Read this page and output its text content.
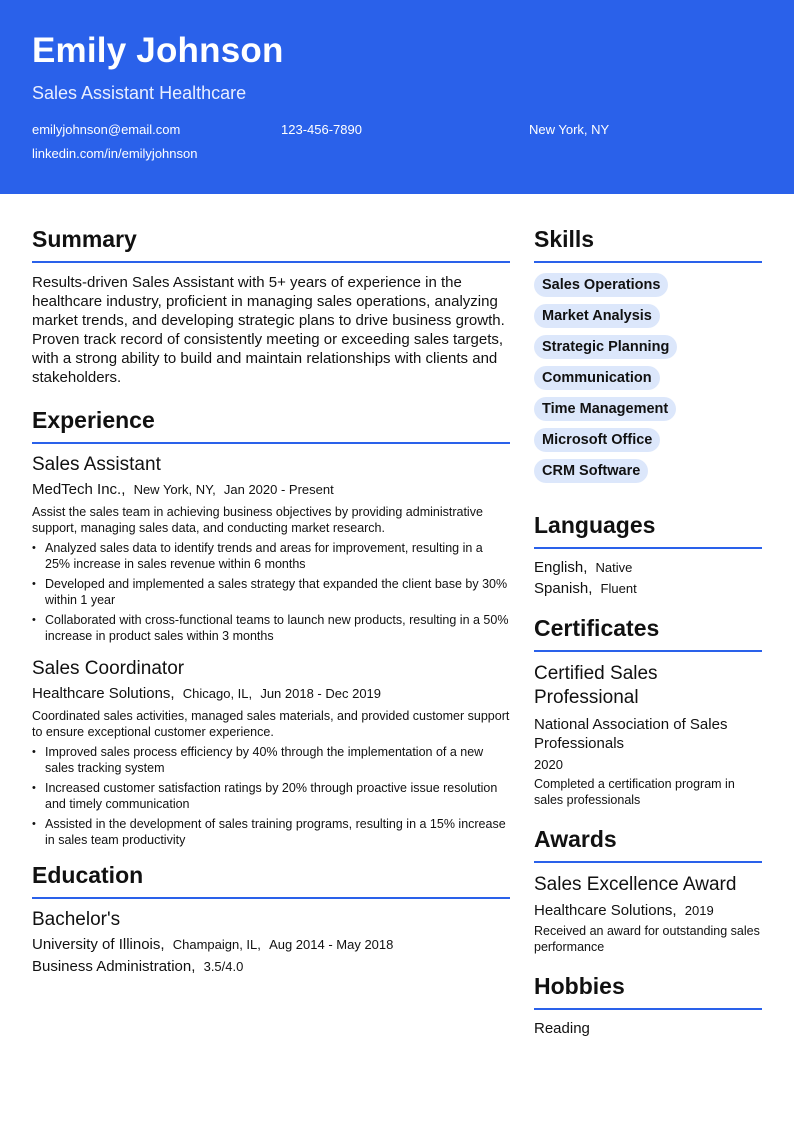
Emily Johnson
Sales Assistant Healthcare
emilyjohnson@email.com	123-456-7890	New York, NY
linkedin.com/in/emilyjohnson
Summary
Results-driven Sales Assistant with 5+ years of experience in the healthcare industry, proficient in managing sales operations, analyzing market trends, and developing strategic plans to drive business growth. Proven track record of consistently meeting or exceeding sales targets, with a strong ability to build and maintain relationships with clients and stakeholders.
Experience
Sales Assistant
MedTech Inc., New York, NY, Jan 2020 - Present
Assist the sales team in achieving business objectives by providing administrative support, managing sales data, and conducting market research.
• Analyzed sales data to identify trends and areas for improvement, resulting in a 25% increase in sales revenue within 6 months
• Developed and implemented a sales strategy that expanded the client base by 30% within 1 year
• Collaborated with cross-functional teams to launch new products, resulting in a 50% increase in product sales within 3 months
Sales Coordinator
Healthcare Solutions, Chicago, IL, Jun 2018 - Dec 2019
Coordinated sales activities, managed sales materials, and provided customer support to ensure exceptional customer experience.
• Improved sales process efficiency by 40% through the implementation of a new sales tracking system
• Increased customer satisfaction ratings by 20% through proactive issue resolution and timely communication
• Assisted in the development of sales training programs, resulting in a 15% increase in sales team productivity
Education
Bachelor's
University of Illinois, Champaign, IL, Aug 2014 - May 2018
Business Administration, 3.5/4.0
Skills
Sales Operations
Market Analysis
Strategic Planning
Communication
Time Management
Microsoft Office
CRM Software
Languages
English, Native
Spanish, Fluent
Certificates
Certified Sales Professional
National Association of Sales Professionals
2020
Completed a certification program in sales professionals
Awards
Sales Excellence Award
Healthcare Solutions, 2019
Received an award for outstanding sales performance
Hobbies
Reading
